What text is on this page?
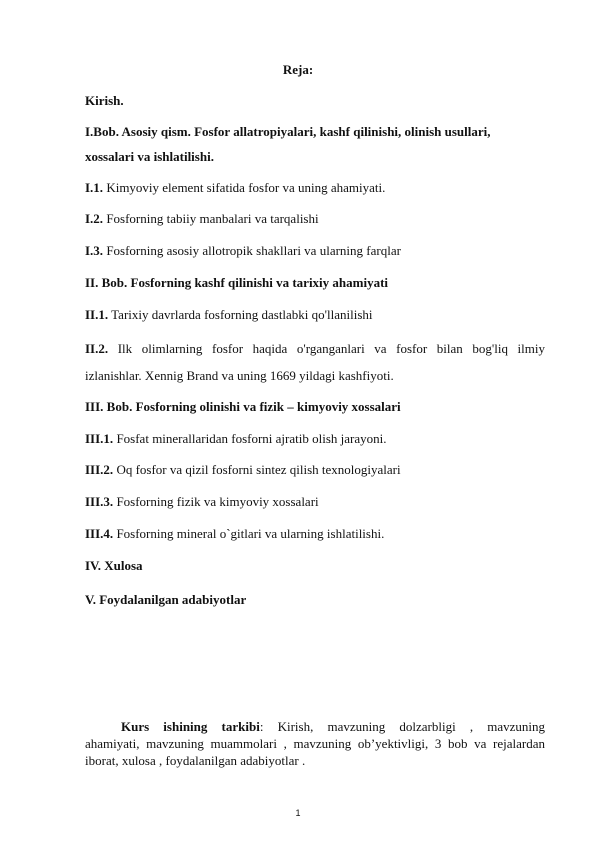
Reja:
Kirish.
I.Bob. Asosiy qism. Fosfor allatropiyalari, kashf qilinishi, olinish usullari,
xossalari va ishlatilishi.
I.1. Kimyoviy element sifatida fosfor va uning ahamiyati.
I.2. Fosforning tabiiy manbalari va tarqalishi
I.3. Fosforning asosiy allotropik shakllari va ularning farqlar
II. Bob. Fosforning kashf qilinishi va tarixiy ahamiyati
II.1. Tarixiy davrlarda fosforning dastlabki qo'llanilishi
II.2. Ilk olimlarning fosfor haqida o'rganganlari va fosfor bilan bog'liq ilmiy
izlanishlar. Xennig Brand va uning 1669 yildagi kashfiyoti.
III. Bob. Fosforning olinishi va fizik – kimyoviy xossalari
III.1. Fosfat minerallaridan fosforni ajratib olish jarayoni.
III.2. Oq fosfor va qizil fosforni sintez qilish texnologiyalari
III.3. Fosforning fizik va kimyoviy xossalari
III.4. Fosforning mineral o`gitlari va ularning ishlatilishi.
IV. Xulosa
V. Foydalanilgan adabiyotlar
Kurs ishining tarkibi: Kirish, mavzuning dolzarbligi , mavzuning
ahamiyati, mavzuning muammolari , mavzuning ob’yektivligi, 3 bob va rejalardan iborat, xulosa , foydalanilgan adabiyotlar .
1
